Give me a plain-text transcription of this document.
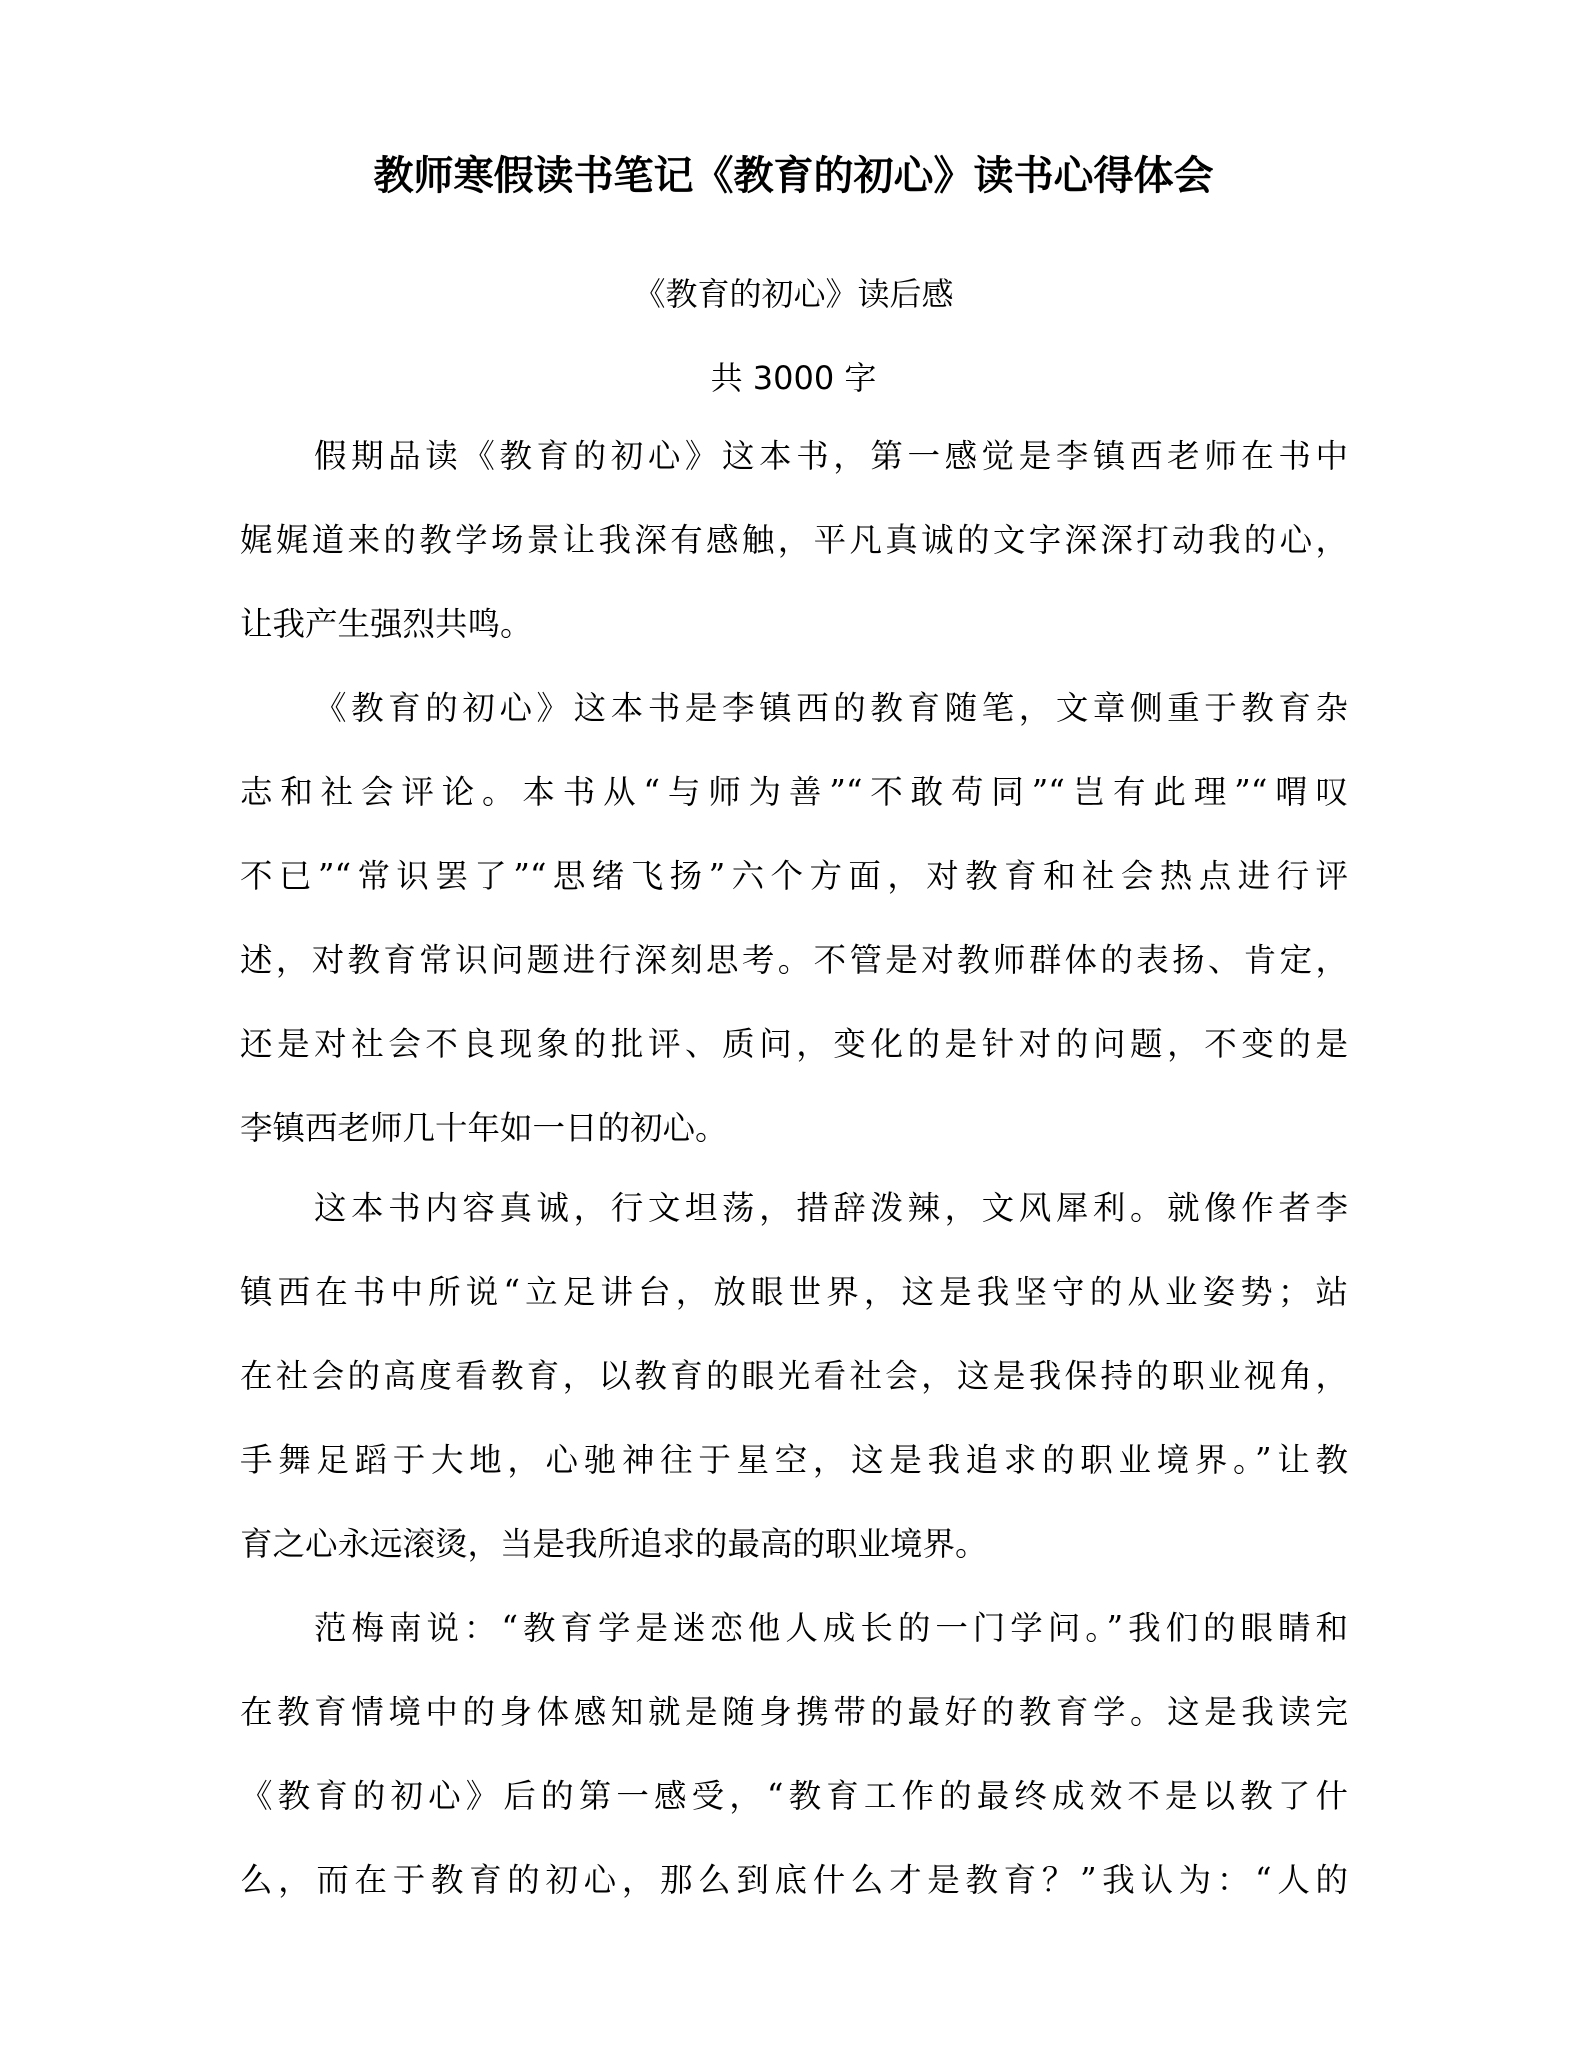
教师寒假读书笔记《教育的初心》读书心得体会
《教育的初心》读后感
共 3000 字
假期品读《教育的初心》这本书，第一感觉是李镇西老师在书中
娓娓道来的教学场景让我深有感触，平凡真诚的文字深深打动我的心，
让我产生强烈共鸣。
《教育的初心》这本书是李镇西的教育随笔，文章侧重于教育杂
志和社会评论。本书从“与师为善”“不敢苟同”“岂有此理”“喟叹
不已”“常识罢了”“思绪飞扬”六个方面，对教育和社会热点进行评
述，对教育常识问题进行深刻思考。不管是对教师群体的表扬、肯定，
还是对社会不良现象的批评、质问，变化的是针对的问题，不变的是
李镇西老师几十年如一日的初心。
这本书内容真诚，行文坦荡，措辞泼辣，文风犀利。就像作者李
镇西在书中所说“立足讲台，放眼世界，这是我坚守的从业姿势；站
在社会的高度看教育，以教育的眼光看社会，这是我保持的职业视角，
手舞足蹈于大地，心驰神往于星空，这是我追求的职业境界。”让教
育之心永远滚烫，当是我所追求的最高的职业境界。
范梅南说：“教育学是迷恋他人成长的一门学问。”我们的眼睛和
在教育情境中的身体感知就是随身携带的最好的教育学。这是我读完
《教育的初心》后的第一感受，“教育工作的最终成效不是以教了什
么，而在于教育的初心，那么到底什么才是教育？”我认为：“人的
